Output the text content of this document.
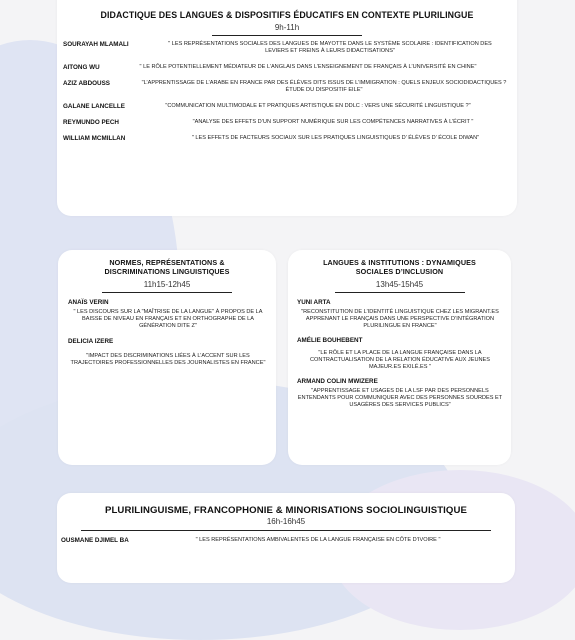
DIDACTIQUE DES LANGUES & DISPOSITIFS ÉDUCATIFS EN CONTEXTE PLURILINGUE
9h-11h
SOURAYAH MLAMALI	" LES REPRÉSENTATIONS SOCIALES DES LANGUES DE MAYOTTE DANS LE SYSTÈME SCOLAIRE : IDENTIFICATION DES LEVIERS ET FREINS À LEURS DIDACTISATIONS"
AITONG WU	" LE RÔLE POTENTIELLEMENT MÉDIATEUR DE L’ANGLAIS DANS L’ENSEIGNEMENT DE FRANÇAIS À L’UNIVERSITÉ EN CHINE"
AZIZ ABDOUSS	"L’APPRENTISSAGE DE L’ARABE EN FRANCE PAR DES ÉLÈVES DITS ISSUS DE L’IMMIGRATION : QUELS ENJEUX SOCIODIDACTIQUES ? ÉTUDE DU DISPOSITIF EILE"
GALANE LANCELLE	"COMMUNICATION MULTIMODALE ET PRATIQUES ARTISTIQUE EN DDLC : VERS UNE SÉCURITÉ LINGUISTIQUE ?"
REYMUNDO PECH	"ANALYSE DES EFFETS D’UN SUPPORT NUMÉRIQUE SUR LES COMPÉTENCES NARRATIVES À L’ÉCRIT "
WILLIAM MCMILLAN	" LES EFFETS DE FACTEURS SOCIAUX SUR LES PRATIQUES LINGUISTIQUES D’ ÉLÈVES D’ ÉCOLE DIWAN"
NORMES, REPRÉSENTATIONS & DISCRIMINATIONS LINGUISTIQUES
11h15-12h45
ANAÏS VERIN
" LES DISCOURS SUR LA "MAÎTRISE DE LA LANGUE" À PROPOS DE LA BAISSE DE NIVEAU EN FRANÇAIS ET EN ORTHOGRAPHE DE LA GÉNÉRATION DITE Z"
DELICIA IZERE
"IMPACT DES DISCRIMINATIONS LIÉES À L’ACCENT SUR LES TRAJECTOIRES PROFESSIONNELLES DES JOURNALISTES EN FRANCE"
LANGUES & INSTITUTIONS : DYNAMIQUES SOCIALES D’INCLUSION
13h45-15h45
YUNI ARTA
"RECONSTITUTION DE L’IDENTITÉ LINGUISTIQUE CHEZ LES MIGRANT.ES APPRENANT LE FRANÇAIS DANS UNE PERSPECTIVE D’INTÉGRATION PLURILINGUE EN FRANCE"
AMÉLIE BOUHEBENT
"LE RÔLE ET LA PLACE DE LA LANGUE FRANÇAISE DANS LA CONTRACTUALISATION DE LA RELATION ÉDUCATIVE AUX JEUNES MAJEUR.ES EXILÉ.ES "
ARMAND COLIN MWIZERE
"APPRENTISSAGE ET USAGES DE LA LSF PAR DES PERSONNELS ENTENDANTS POUR COMMUNIQUER AVEC DES PERSONNES SOURDES ET USAGÈRES DES SERVICES PUBLICS"
PLURILINGUISME, FRANCOPHONIE & MINORISATIONS SOCIOLINGUISTIQUE
16h-16h45
OUSMANE DJIMEL BA	" LES REPRÉSENTATIONS AMBIVALENTES DE LA LANGUE FRANÇAISE EN CÔTE D’IVOIRE "
